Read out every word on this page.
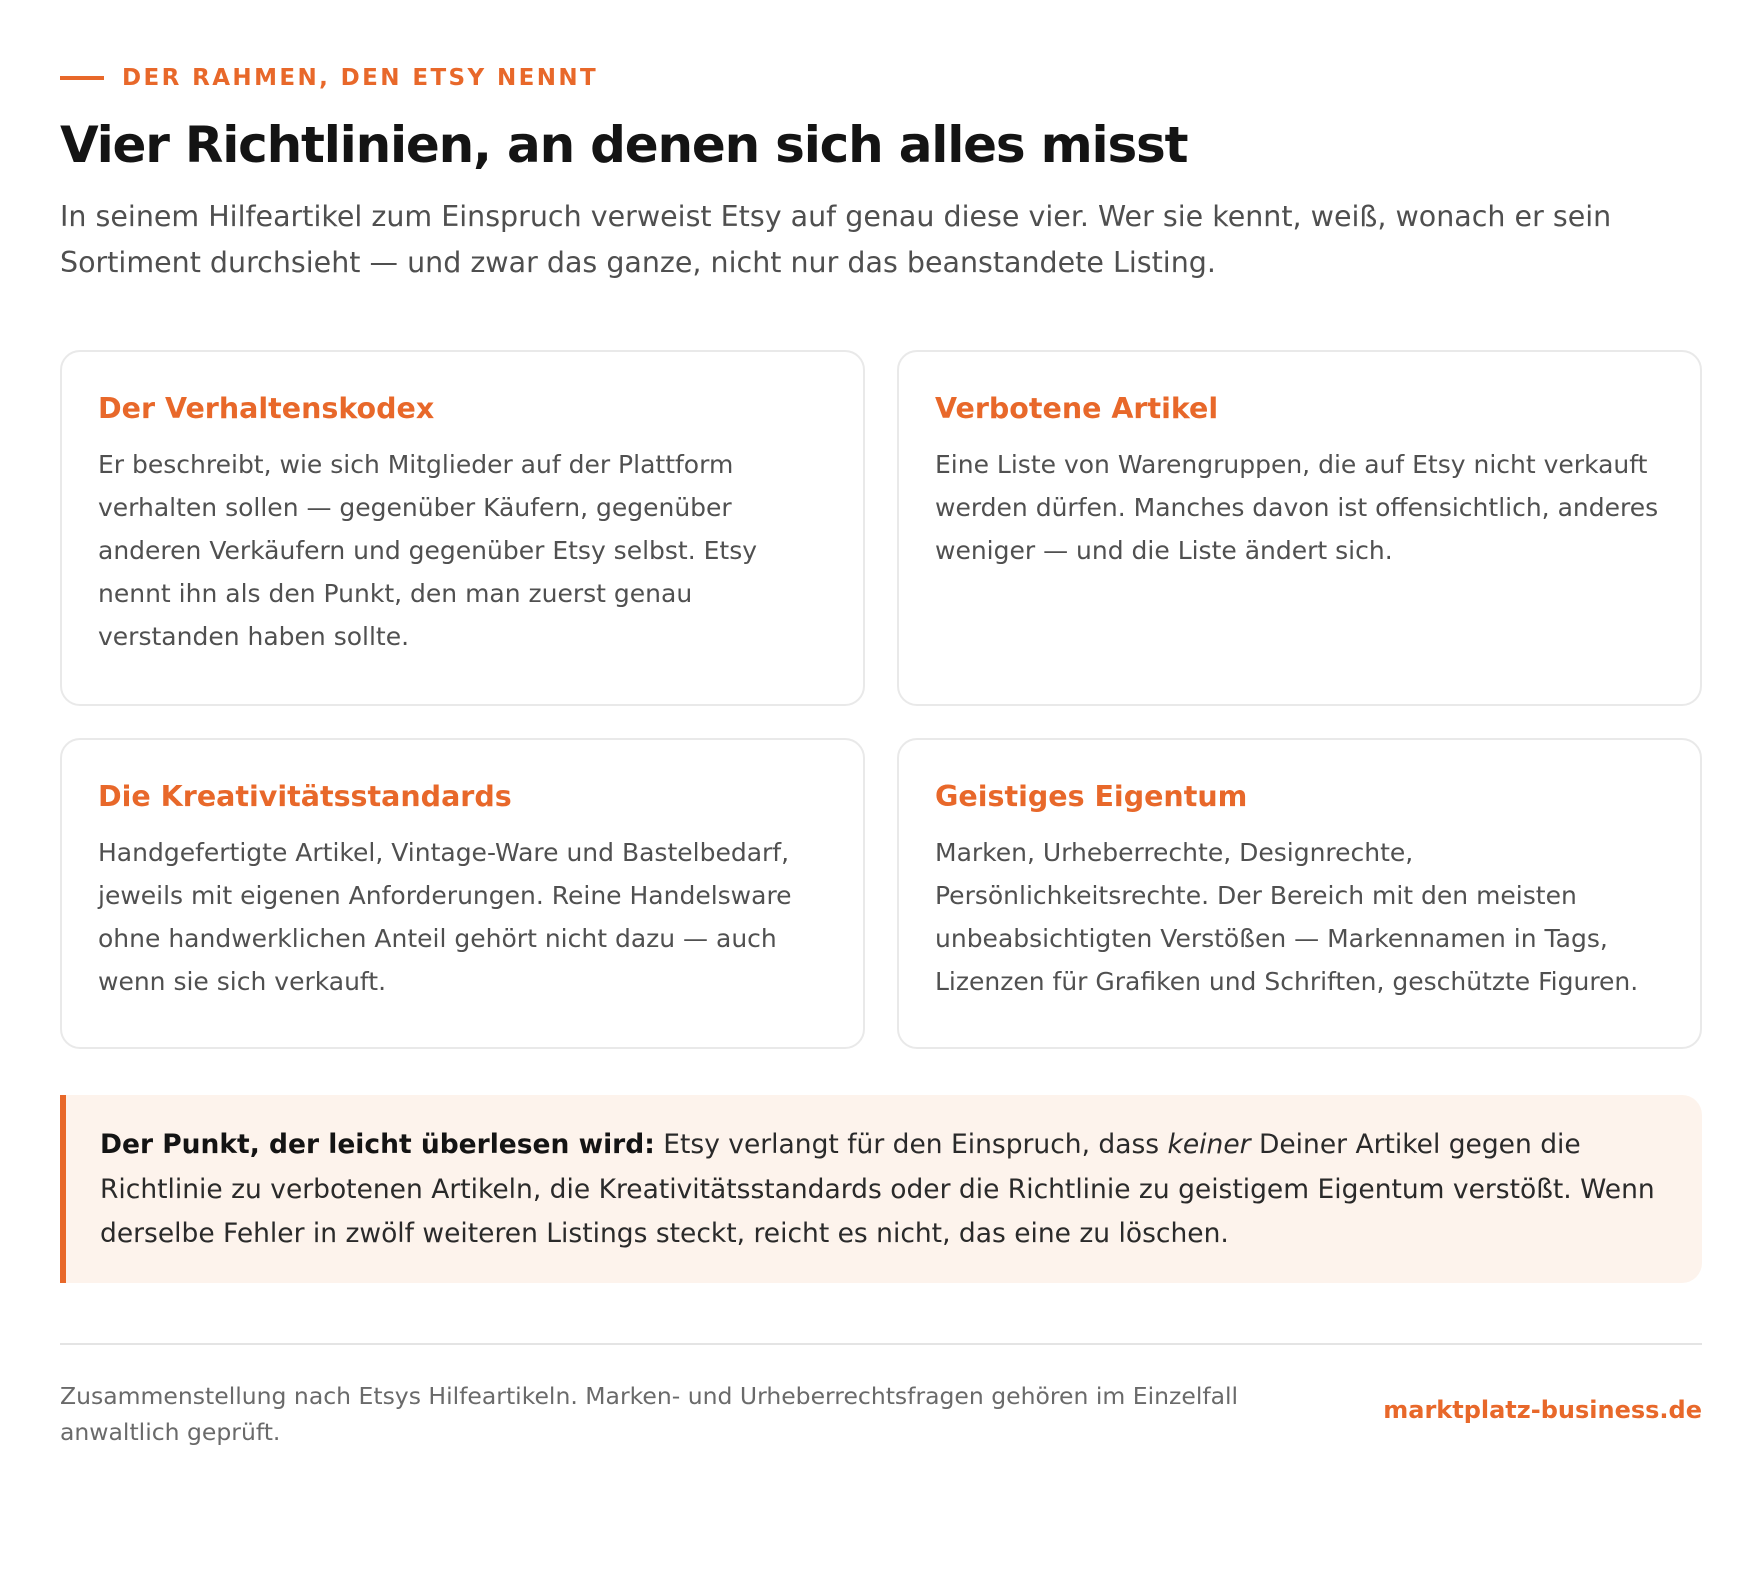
DER RAHMEN, DEN ETSY NENNT
Vier Richtlinien, an denen sich alles misst

In seinem Hilfeartikel zum Einspruch verweist Etsy auf genau diese vier. Wer sie kennt, weiß, wonach er sein Sortiment durchsieht — und zwar das ganze, nicht nur das beanstandete Listing.

Der Verhaltenskodex

Er beschreibt, wie sich Mitglieder auf der Plattform verhalten sollen — gegenüber Käufern, gegenüber anderen Verkäufern und gegenüber Etsy selbst. Etsy nennt ihn als den Punkt, den man zuerst genau verstanden haben sollte.

Verbotene Artikel

Eine Liste von Warengruppen, die auf Etsy nicht verkauft werden dürfen. Manches davon ist offensichtlich, anderes weniger — und die Liste ändert sich.

Die Kreativitätsstandards

Handgefertigte Artikel, Vintage-Ware und Bastelbedarf, jeweils mit eigenen Anforderungen. Reine Handelsware ohne handwerklichen Anteil gehört nicht dazu — auch wenn sie sich verkauft.

Geistiges Eigentum

Marken, Urheberrechte, Designrechte, Persönlichkeitsrechte. Der Bereich mit den meisten unbeabsichtigten Verstößen — Markennamen in Tags, Lizenzen für Grafiken und Schriften, geschützte Figuren.

Der Punkt, der leicht überlesen wird: Etsy verlangt für den Einspruch, dass keiner Deiner Artikel gegen die Richtlinie zu verbotenen Artikeln, die Kreativitätsstandards oder die Richtlinie zu geistigem Eigentum verstößt. Wenn derselbe Fehler in zwölf weiteren Listings steckt, reicht es nicht, das eine zu löschen.

Zusammenstellung nach Etsys Hilfeartikeln. Marken- und Urheberrechtsfragen gehören im Einzelfall anwaltlich geprüft.

marktplatz-business.de
